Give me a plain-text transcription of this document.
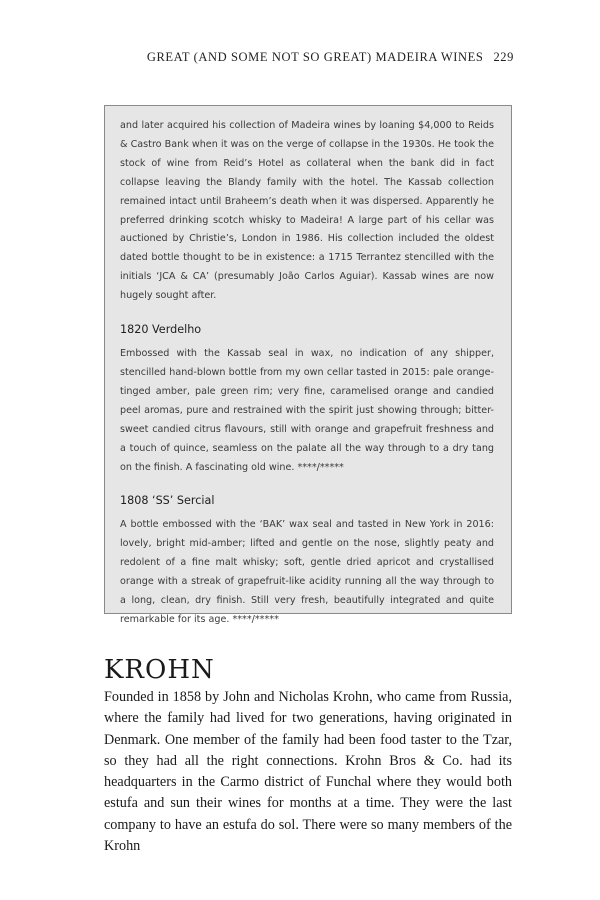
GREAT (AND SOME NOT SO GREAT) MADEIRA WINES 229

and later acquired his collection of Madeira wines by loaning $4,000 to Reids & Castro Bank when it was on the verge of collapse in the 1930s. He took the stock of wine from Reid’s Hotel as collateral when the bank did in fact collapse leaving the Blandy family with the hotel. The Kassab collection remained intact until Braheem’s death when it was dispersed. Apparently he preferred drinking scotch whisky to Madeira! A large part of his cellar was auctioned by Christie’s, London in 1986. His collection included the oldest dated bottle thought to be in existence: a 1715 Terrantez stencilled with the initials ‘JCA & CA’ (presumably João Carlos Aguiar). Kassab wines are now hugely sought after.

1820 Verdelho

Embossed with the Kassab seal in wax, no indication of any shipper, stencilled hand-blown bottle from my own cellar tasted in 2015: pale orange-tinged amber, pale green rim; very fine, caramelised orange and candied peel aromas, pure and restrained with the spirit just showing through; bitter-sweet candied citrus flavours, still with orange and grapefruit freshness and a touch of quince, seamless on the palate all the way through to a dry tang on the finish. A fascinating old wine. ****/*****

1808 ‘SS’ Sercial

A bottle embossed with the ‘BAK’ wax seal and tasted in New York in 2016: lovely, bright mid-amber; lifted and gentle on the nose, slightly peaty and redolent of a fine malt whisky; soft, gentle dried apricot and crystallised orange with a streak of grapefruit-like acidity running all the way through to a long, clean, dry finish. Still very fresh, beautifully integrated and quite remarkable for its age. ****/*****

KROHN

Founded in 1858 by John and Nicholas Krohn, who came from Russia, where the family had lived for two generations, having originated in Denmark. One member of the family had been food taster to the Tzar, so they had all the right connections. Krohn Bros & Co. had its headquarters in the Carmo district of Funchal where they would both estufa and sun their wines for months at a time. They were the last company to have an estufa do sol. There were so many members of the Krohn
